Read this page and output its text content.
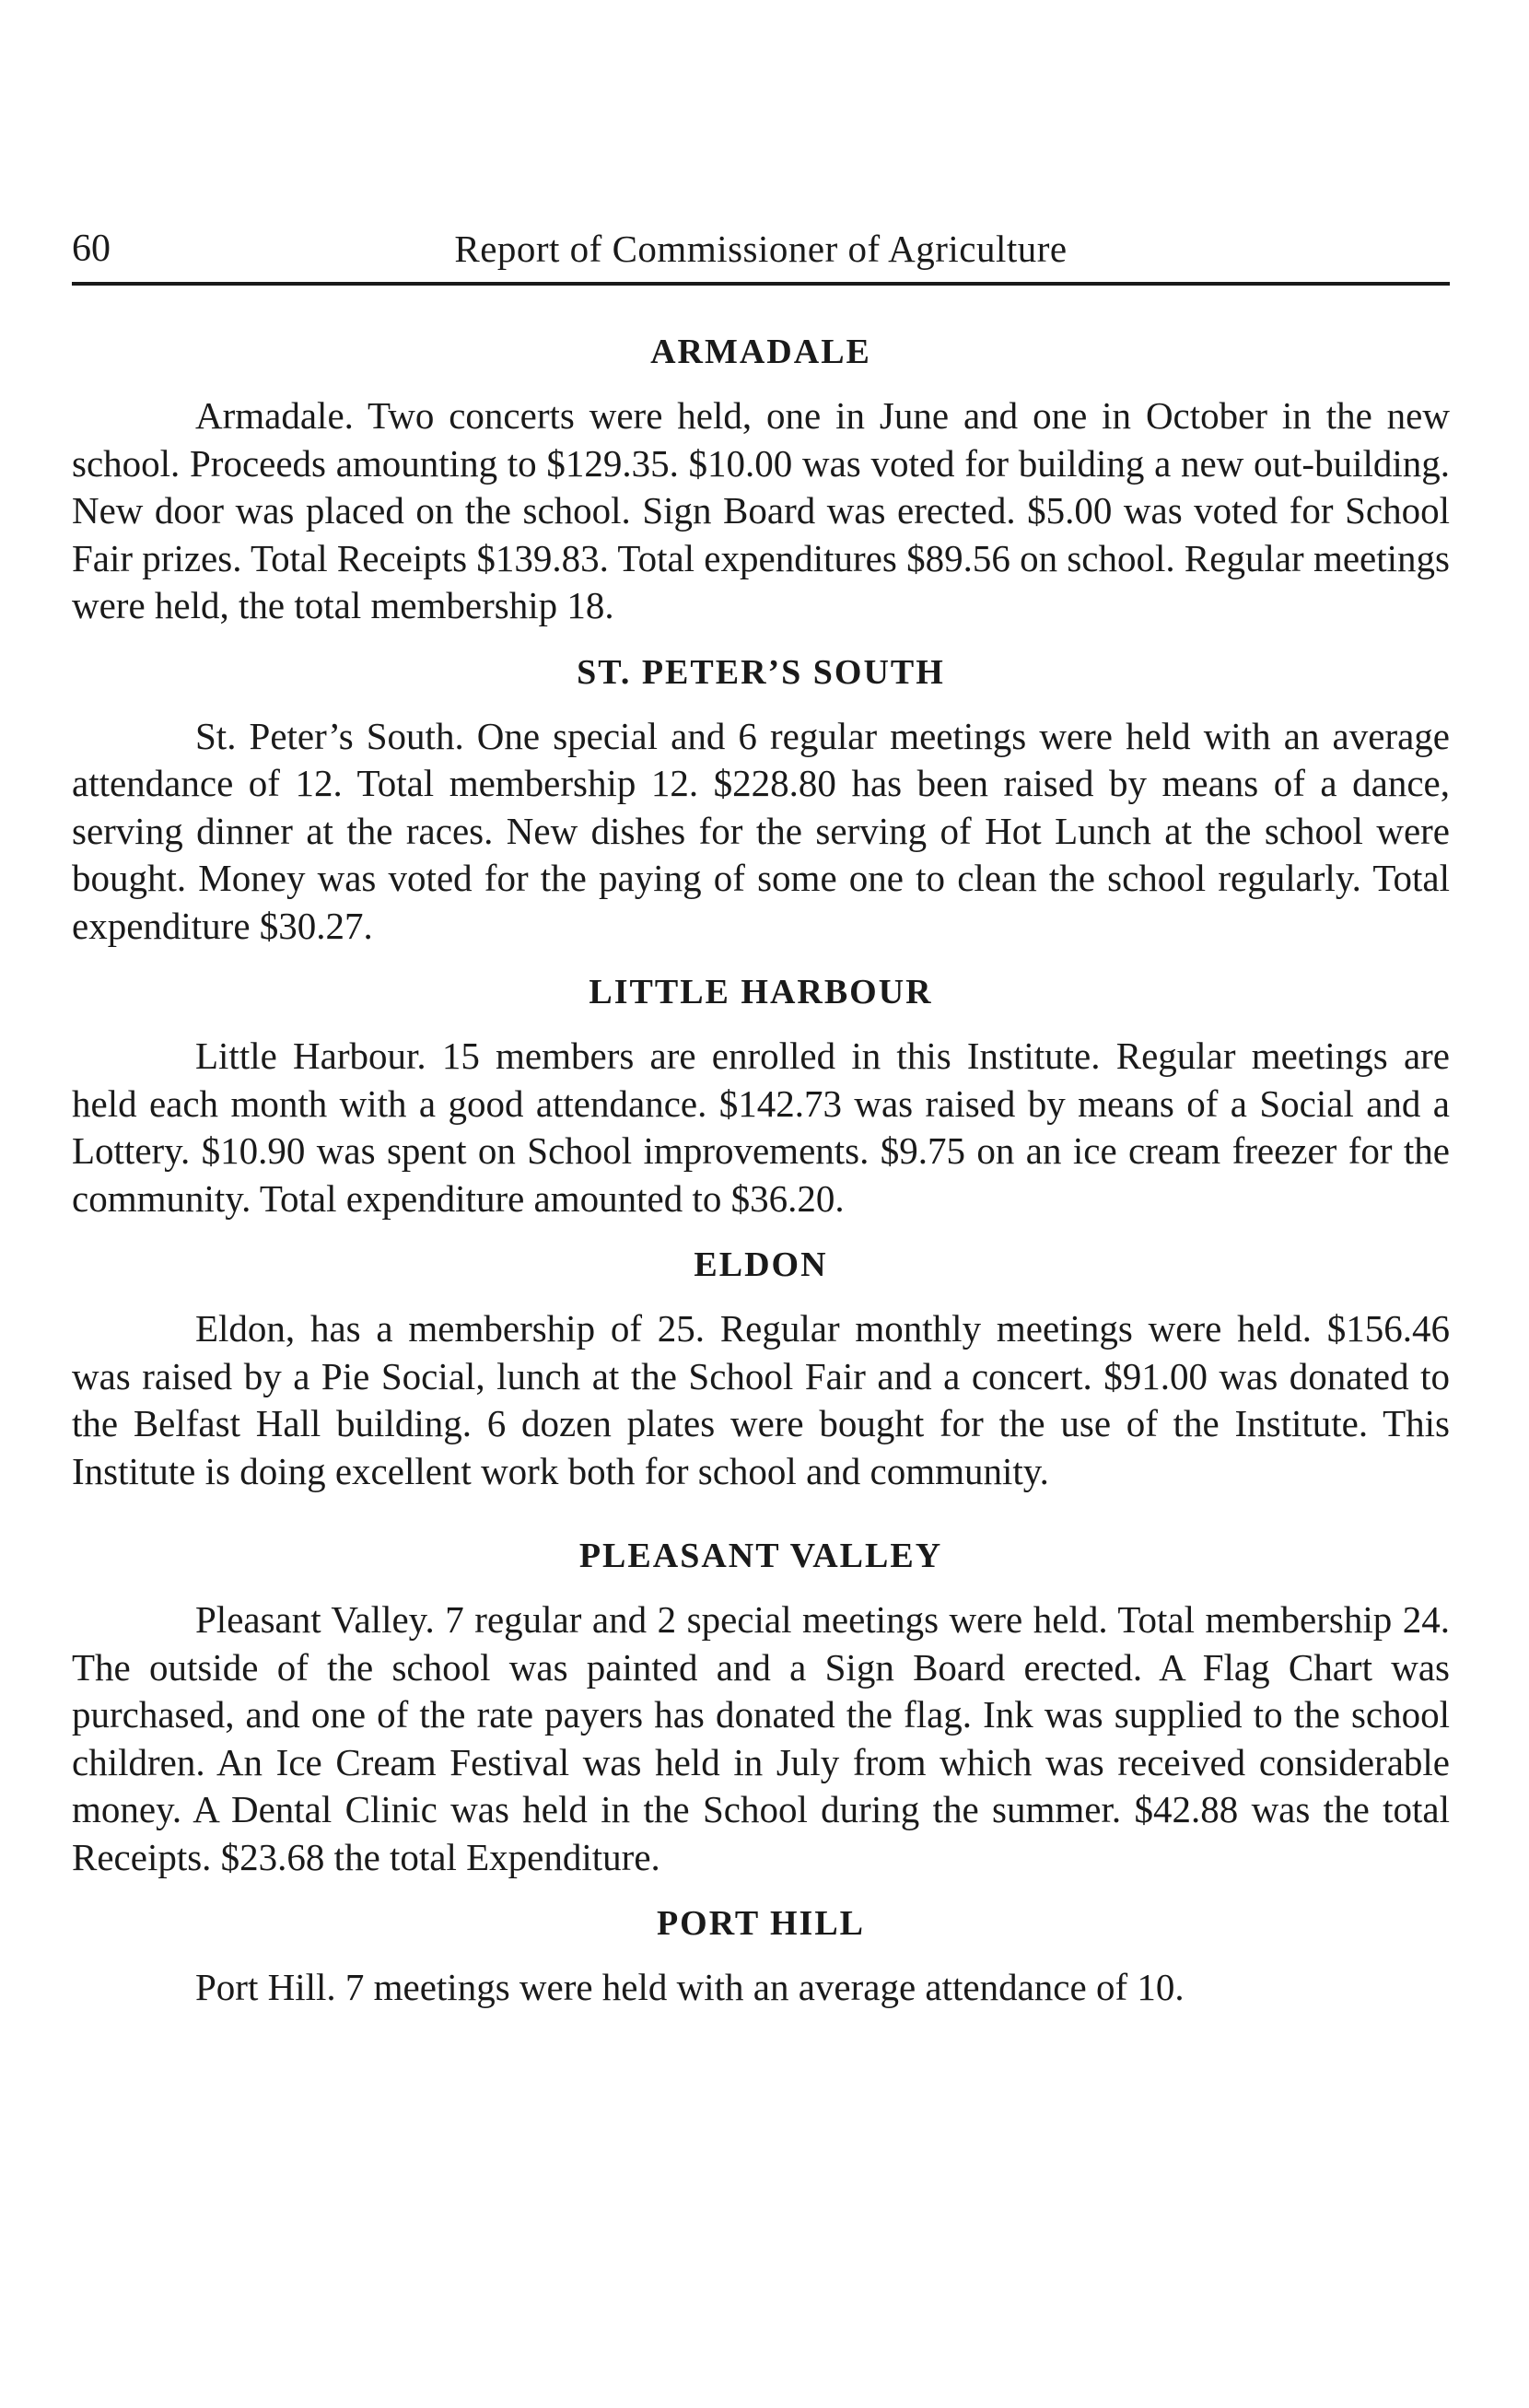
60	Report of Commissioner of Agriculture
ARMADALE

Armadale. Two concerts were held, one in June and one in October in the new school. Proceeds amounting to $129.35. $10.00 was voted for building a new out-building. New door was placed on the school. Sign Board was erected. $5.00 was voted for School Fair prizes. Total Receipts $139.83. Total expenditures $89.56 on school. Regular meetings were held, the total membership 18.

ST. PETER’S SOUTH

St. Peter’s South. One special and 6 regular meetings were held with an average attendance of 12. Total membership 12. $228.80 has been raised by means of a dance, serving dinner at the races. New dishes for the serving of Hot Lunch at the school were bought. Money was voted for the paying of some one to clean the school regularly. Total expenditure $30.27.

LITTLE HARBOUR

Little Harbour. 15 members are enrolled in this Institute. Regular meetings are held each month with a good attendance. $142.73 was raised by means of a Social and a Lottery. $10.90 was spent on School improvements. $9.75 on an ice cream freezer for the community. Total expenditure amounted to $36.20.

ELDON

Eldon, has a membership of 25. Regular monthly meetings were held. $156.46 was raised by a Pie Social, lunch at the School Fair and a concert. $91.00 was donated to the Belfast Hall building. 6 dozen plates were bought for the use of the Institute. This Institute is doing excellent work both for school and community.

PLEASANT VALLEY

Pleasant Valley. 7 regular and 2 special meetings were held. Total membership 24. The outside of the school was painted and a Sign Board erected. A Flag Chart was purchased, and one of the rate payers has donated the flag. Ink was supplied to the school children. An Ice Cream Festival was held in July from which was received considerable money. A Dental Clinic was held in the School during the summer. $42.88 was the total Receipts. $23.68 the total Expenditure.

PORT HILL

Port Hill. 7 meetings were held with an average attendance of 10.
